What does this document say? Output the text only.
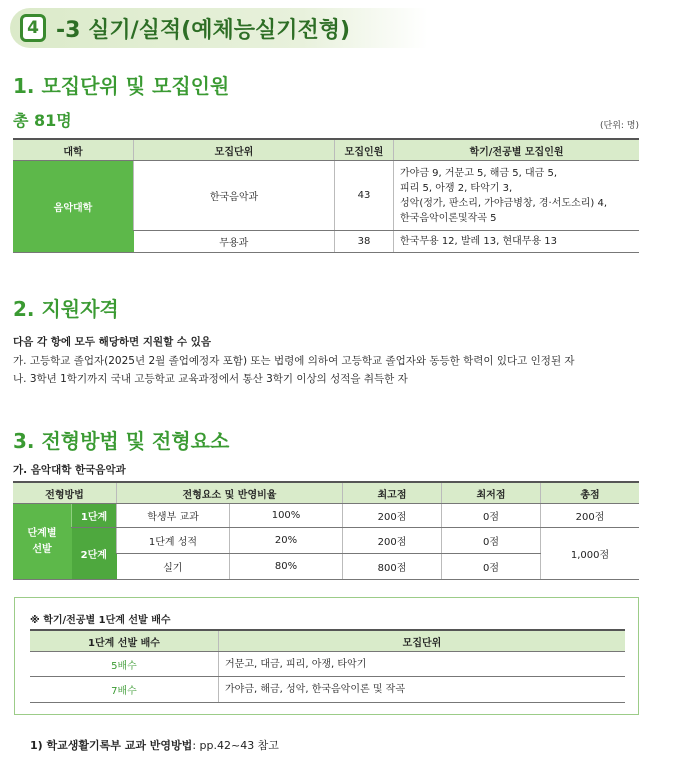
4 -3 실기/실적(예체능실기전형)
1. 모집단위 및 모집인원
총 81명	(단위: 명)
대학	모집단위	모집인원	학기/전공별 모집인원
음악대학	한국음악과	43	가야금 9, 거문고 5, 해금 5, 대금 5,
피리 5, 아쟁 2, 타악기 3,
성악(정가, 판소리, 가야금병창, 경·서도소리) 4,
한국음악이론및작곡 5

	무용과	38	한국무용 12, 발레 13, 현대무용 13
2. 지원자격
다음 각 항에 모두 해당하면 지원할 수 있음
가. 고등학교 졸업자(2025년 2월 졸업예정자 포함) 또는 법령에 의하여 고등학교 졸업자와 동등한 학력이 있다고 인정된 자
나. 3학년 1학기까지 국내 고등학교 교육과정에서 통산 3학기 이상의 성적을 취득한 자
3. 전형방법 및 전형요소
가. 음악대학 한국음악과
전형방법		전형요소 및 반영비율		최고점	최저점	총점

단계별
선발	1단계	학생부 교과	100%	200점	0점	200점
	2단계	1단계 성적	20%	200점	0점	1,000점
		실기	80%	800점	0점	
※ 학기/전공별 1단계 선발 배수
1단계 선발 배수	모집단위
5배수	거문고, 대금, 피리, 아쟁, 타악기
7배수	가야금, 해금, 성악, 한국음악이론 및 작곡
1) 학교생활기록부 교과 반영방법: pp.42~43 참고
